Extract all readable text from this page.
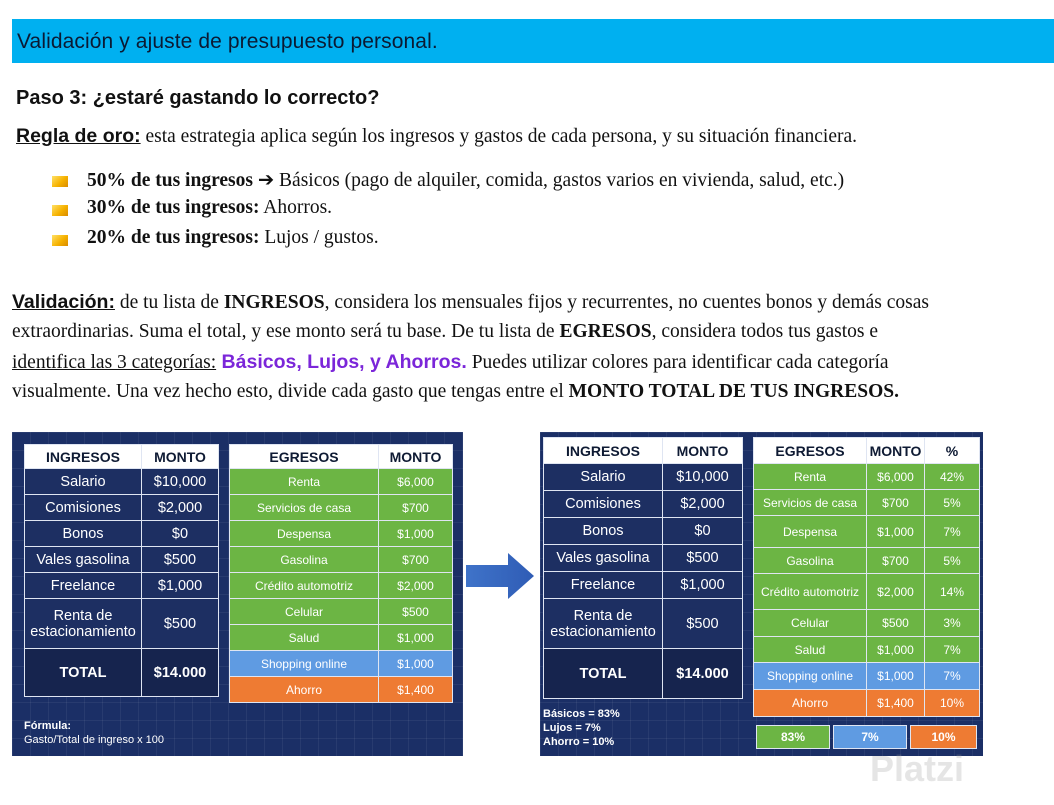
Validación y ajuste de presupuesto personal.
Paso 3: ¿estaré gastando lo correcto?
Regla de oro: esta estrategia aplica según los ingresos y gastos de cada persona, y su situación financiera.
50% de tus ingresos ➔ Básicos (pago de alquiler, comida, gastos varios en vivienda, salud, etc.)
30% de tus ingresos: Ahorros.
20% de tus ingresos: Lujos / gustos.
Validación: de tu lista de INGRESOS, considera los mensuales fijos y recurrentes, no cuentes bonos y demás cosas
extraordinarias. Suma el total, y ese monto será tu base. De tu lista de EGRESOS, considera todos tus gastos e
identifica las 3 categorías: Básicos, Lujos, y Ahorros. Puedes utilizar colores para identificar cada categoría
visualmente. Una vez hecho esto, divide cada gasto que tengas entre el MONTO TOTAL DE TUS INGRESOS.
INGRESOS	MONTO
Salario	$10,000
Comisiones	$2,000
Bonos	$0
Vales gasolina	$500
Freelance	$1,000
Renta de
estacionamiento	$500
TOTAL	$14.000
EGRESOS	MONTO
Renta	$6,000
Servicios de casa	$700
Despensa	$1,000
Gasolina	$700
Crédito automotriz	$2,000
Celular	$500
Salud	$1,000
Shopping online	$1,000
Ahorro	$1,400
Fórmula:
Gasto/Total de ingreso x 100
INGRESOS	MONTO
Salario	$10,000
Comisiones	$2,000
Bonos	$0
Vales gasolina	$500
Freelance	$1,000
Renta de
estacionamiento	$500
TOTAL	$14.000
EGRESOS	MONTO	%
Renta	$6,000	42%
Servicios de casa	$700	5%
Despensa	$1,000	7%
Gasolina	$700	5%
Crédito automotriz	$2,000	14%
Celular	$500	3%
Salud	$1,000	7%
Shopping online	$1,000	7%
Ahorro	$1,400	10%
83%	7%	10%
Básicos = 83%
Lujos = 7%
Ahorro = 10%
Platzi
